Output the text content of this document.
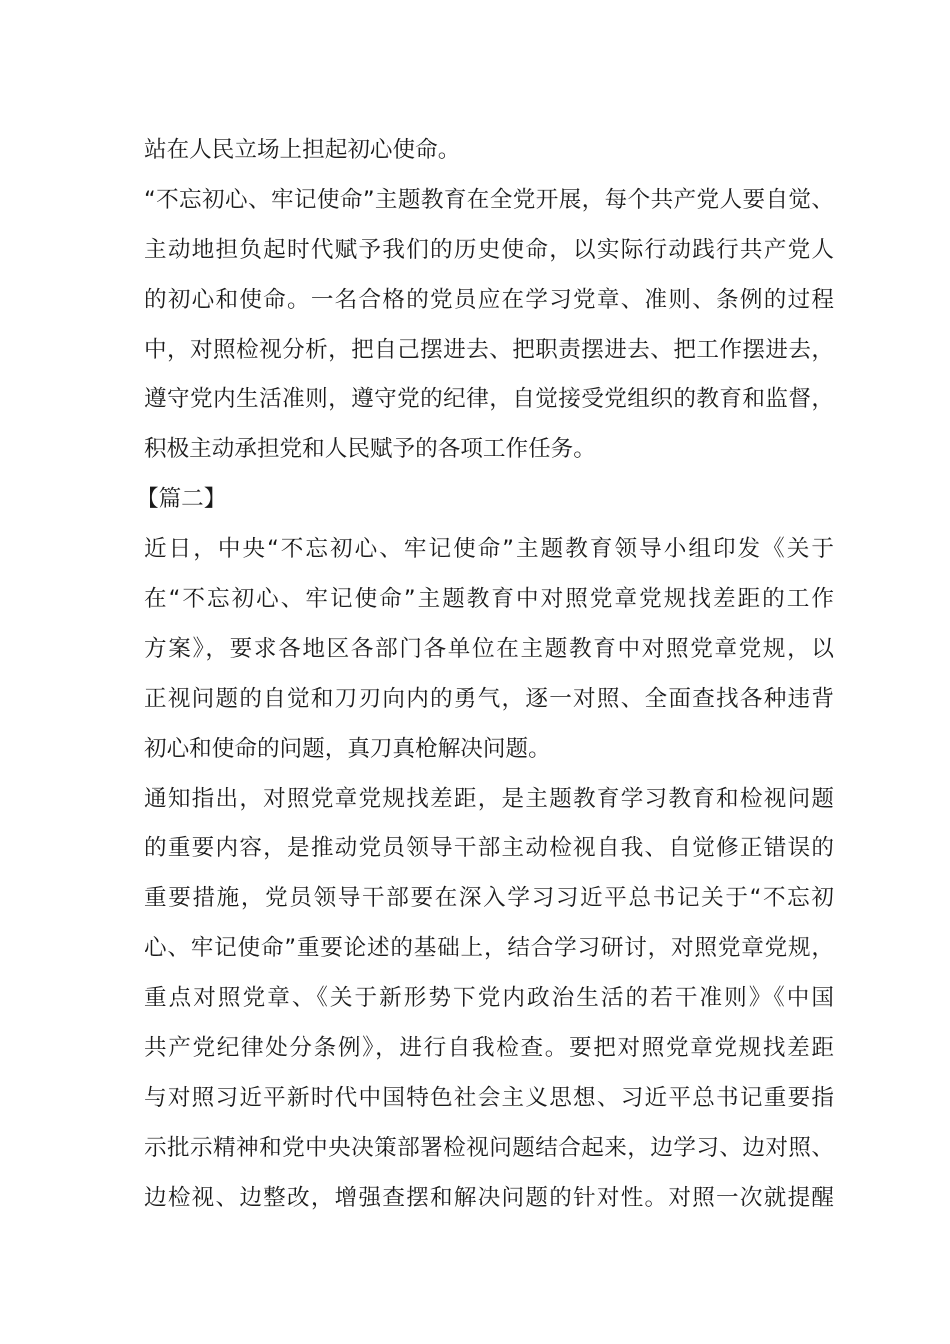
站在人民立场上担起初心使命。
“不忘初心、牢记使命”主题教育在全党开展，每个共产党人要自觉、
主动地担负起时代赋予我们的历史使命，以实际行动践行共产党人
的初心和使命。一名合格的党员应在学习党章、准则、条例的过程
中，对照检视分析，把自己摆进去、把职责摆进去、把工作摆进去，
遵守党内生活准则，遵守党的纪律，自觉接受党组织的教育和监督，
积极主动承担党和人民赋予的各项工作任务。
【篇二】
近日，中央“不忘初心、牢记使命”主题教育领导小组印发《关于
在“不忘初心、牢记使命”主题教育中对照党章党规找差距的工作
方案》，要求各地区各部门各单位在主题教育中对照党章党规，以
正视问题的自觉和刀刃向内的勇气，逐一对照、全面查找各种违背
初心和使命的问题，真刀真枪解决问题。
通知指出，对照党章党规找差距，是主题教育学习教育和检视问题
的重要内容，是推动党员领导干部主动检视自我、自觉修正错误的
重要措施，党员领导干部要在深入学习习近平总书记关于“不忘初
心、牢记使命”重要论述的基础上，结合学习研讨，对照党章党规，
重点对照党章、《关于新形势下党内政治生活的若干准则》《中国
共产党纪律处分条例》，进行自我检查。要把对照党章党规找差距
与对照习近平新时代中国特色社会主义思想、习近平总书记重要指
示批示精神和党中央决策部署检视问题结合起来，边学习、边对照、
边检视、边整改，增强查摆和解决问题的针对性。对照一次就提醒
